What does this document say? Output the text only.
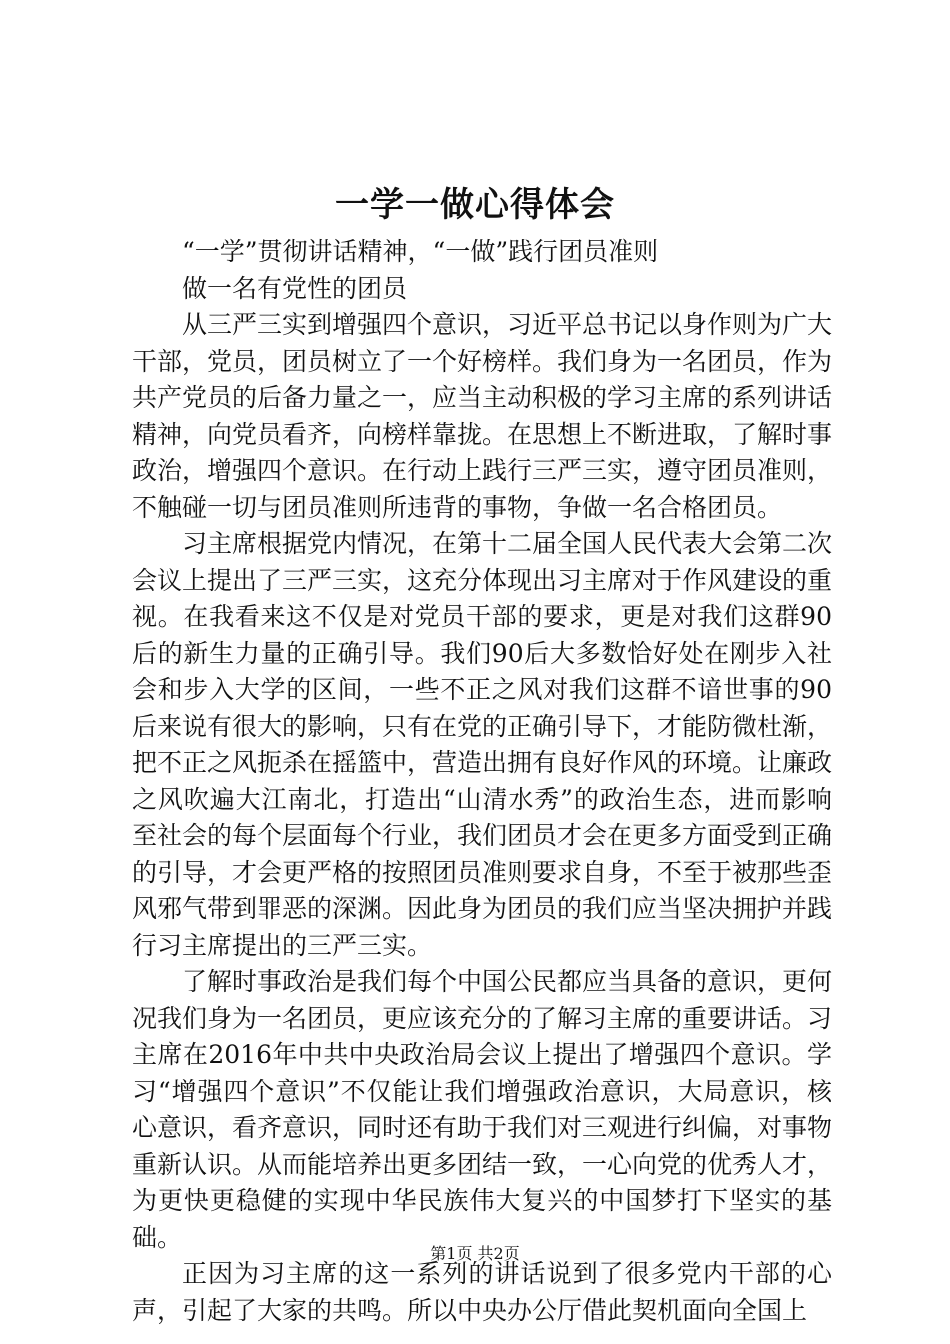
一学一做心得体会

“一学”贯彻讲话精神，“一做”践行团员准则

做一名有党性的团员

从三严三实到增强四个意识，习近平总书记以身作则为广大干部，党员，团员树立了一个好榜样。我们身为一名团员，作为共产党员的后备力量之一，应当主动积极的学习主席的系列讲话精神，向党员看齐，向榜样靠拢。在思想上不断进取，了解时事政治，增强四个意识。在行动上践行三严三实，遵守团员准则，不触碰一切与团员准则所违背的事物，争做一名合格团员。

习主席根据党内情况，在第十二届全国人民代表大会第二次会议上提出了三严三实，这充分体现出习主席对于作风建设的重视。在我看来这不仅是对党员干部的要求，更是对我们这群90后的新生力量的正确引导。我们90后大多数恰好处在刚步入社会和步入大学的区间，一些不正之风对我们这群不谙世事的90后来说有很大的影响，只有在党的正确引导下，才能防微杜渐，把不正之风扼杀在摇篮中，营造出拥有良好作风的环境。让廉政之风吹遍大江南北，打造出“山清水秀”的政治生态，进而影响至社会的每个层面每个行业，我们团员才会在更多方面受到正确的引导，才会更严格的按照团员准则要求自身，不至于被那些歪风邪气带到罪恶的深渊。因此身为团员的我们应当坚决拥护并践行习主席提出的三严三实。

了解时事政治是我们每个中国公民都应当具备的意识，更何况我们身为一名团员，更应该充分的了解习主席的重要讲话。习主席在2016年中共中央政治局会议上提出了增强四个意识。学习“增强四个意识”不仅能让我们增强政治意识，大局意识，核心意识，看齐意识，同时还有助于我们对三观进行纠偏，对事物重新认识。从而能培养出更多团结一致，一心向党的优秀人才，为更快更稳健的实现中华民族伟大复兴的中国梦打下坚实的基础。

正因为习主席的这一系列的讲话说到了很多党内干部的心声，引起了大家的共鸣。所以中央办公厅借此契机面向全国上

第1页 共2页
